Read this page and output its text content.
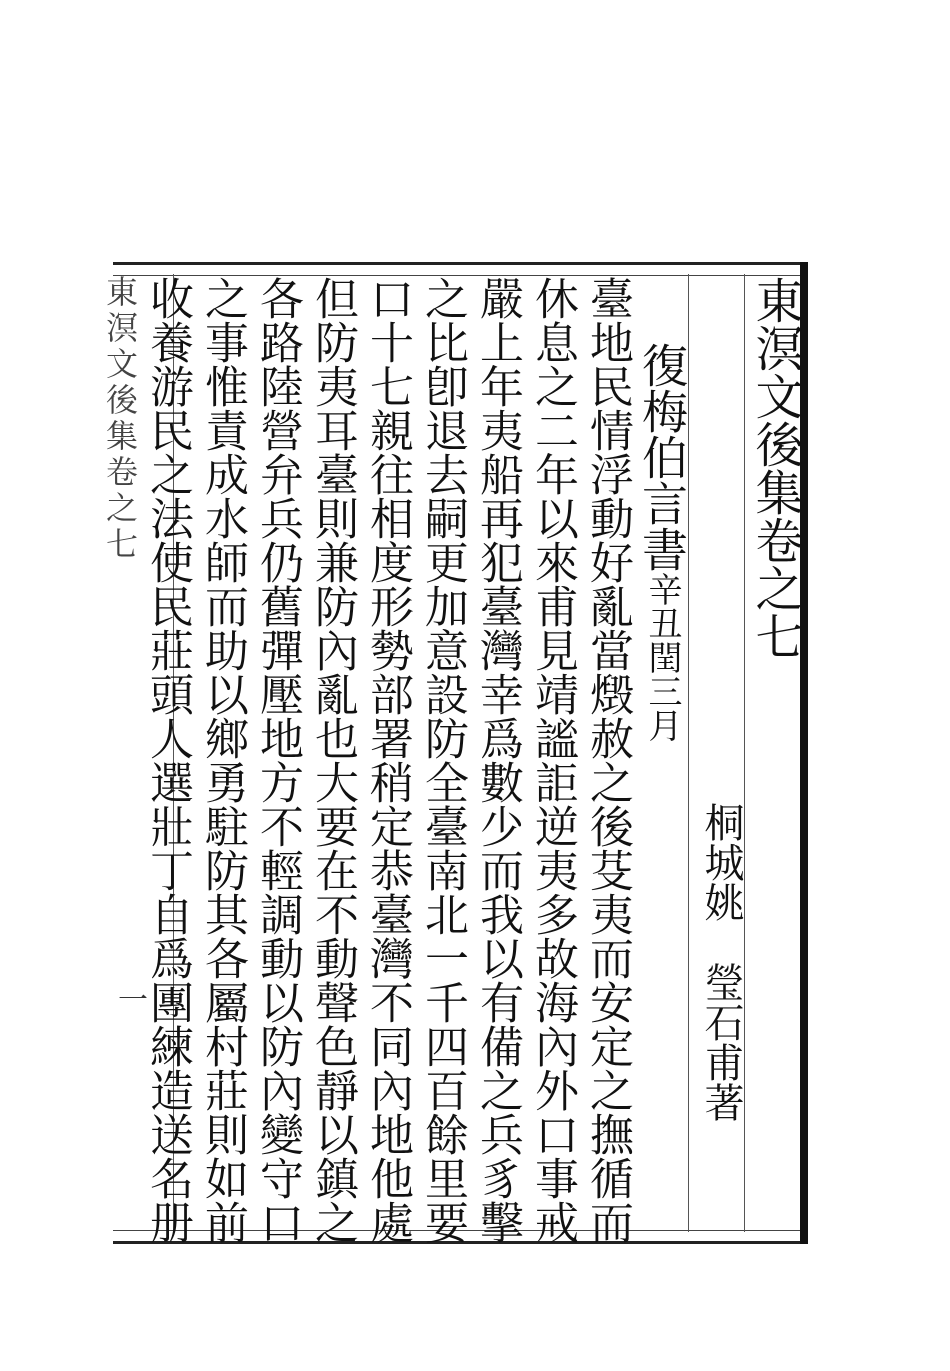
東溟文後集卷之七
桐城姚瑩石甫著
復梅伯言書辛丑閏三月
臺地民情浮動好亂當燬赦之後芟夷而安定之撫循而
休息之二年以來甫見靖謐詎逆夷多故海內外口事戒
嚴上年夷船再犯臺灣幸爲數少而我以有備之兵豸擊
之比卽退去嗣更加意設防全臺南北一千四百餘里要
口十七親往相度形勢部署稍定恭臺灣不同內地他處
但防夷耳臺則兼防內亂也大要在不動聲色靜以鎮之
各路陸營弁兵仍舊彈壓地方不輕調動以防內變守口
之事惟責成水師而助以鄉勇駐防其各屬村莊則如前
收養游民之法使民莊頭人選壯丁自爲團練造送名册
東溟文後集卷之七
一
